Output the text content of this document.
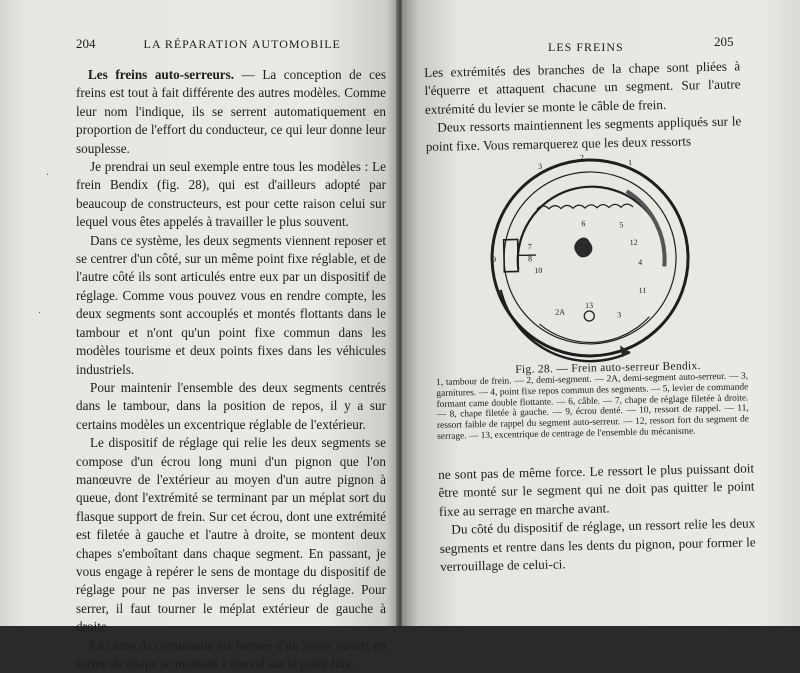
204	LA RÉPARATION AUTOMOBILE

Les freins auto-serreurs. — La conception de ces freins est tout à fait différente des autres modèles. Comme leur nom l'indique, ils se serrent automatiquement en proportion de l'effort du conducteur, ce qui leur donne leur souplesse.

Je prendrai un seul exemple entre tous les modèles : Le frein Bendix (fig. 28), qui est d'ailleurs adopté par beaucoup de constructeurs, est pour cette raison celui sur lequel vous êtes appelés à travailler le plus souvent.

Dans ce système, les deux segments viennent reposer et se centrer d'un côté, sur un même point fixe réglable, et de l'autre côté ils sont articulés entre eux par un dispositif de réglage. Comme vous pouvez vous en rendre compte, les deux segments sont accouplés et montés flottants dans le tambour et n'ont qu'un point fixe commun dans les modèles tourisme et deux points fixes dans les véhicules industriels.

Pour maintenir l'ensemble des deux segments centrés dans le tambour, dans la position de repos, il y a sur certains modèles un excentrique réglable de l'extérieur.

Le dispositif de réglage qui relie les deux segments se compose d'un écrou long muni d'un pignon que l'on manœuvre de l'extérieur au moyen d'un autre pignon à queue, dont l'extrémité se terminant par un méplat sort du flasque support de frein. Sur cet écrou, dont une extrémité est filetée à gauche et l'autre à droite, se montent deux chapes s'emboîtant dans chaque segment. En passant, je vous engage à repérer le sens de montage du dispositif de réglage pour ne pas inverser le sens du réglage. Pour serrer, il faut tourner le méplat extérieur de gauche à droite.

La came de commande est formée d'un levier ouvert en forme de chape se montant à cheval sur le point fixe.

·
·
LES FREINS	205

Les extrémités des branches de la chape sont pliées à l'équerre et attaquent chacune un segment. Sur l'autre extrémité du levier se monte le câble de frein.

Deux ressorts maintiennent les segments appliqués sur le point fixe. Vous remarquerez que les deux ressorts

3
2
1
6	5
12
4
7
8
9
10
11
13
2A	3
Fig. 28. — Frein auto-serreur Bendix.
1, tambour de frein. — 2, demi-segment. — 2A, demi-segment auto-serreur. — 3, garnitures. — 4, point fixe repos commun des segments. — 5, levier de commande formant came double flottante. — 6, câble. — 7, chape de réglage filetée à droite. — 8, chape filetée à gauche. — 9, écrou denté. — 10, ressort de rappel. — 11, ressort faible de rappel du segment auto-serreur. — 12, ressort fort du segment de serrage. — 13, excentrique de centrage de l'ensemble du mécanisme.

ne sont pas de même force. Le ressort le plus puissant doit être monté sur le segment qui ne doit pas quitter le point fixe au serrage en marche avant.

Du côté du dispositif de réglage, un ressort relie les deux segments et rentre dans les dents du pignon, pour former le verrouillage de celui-ci.
